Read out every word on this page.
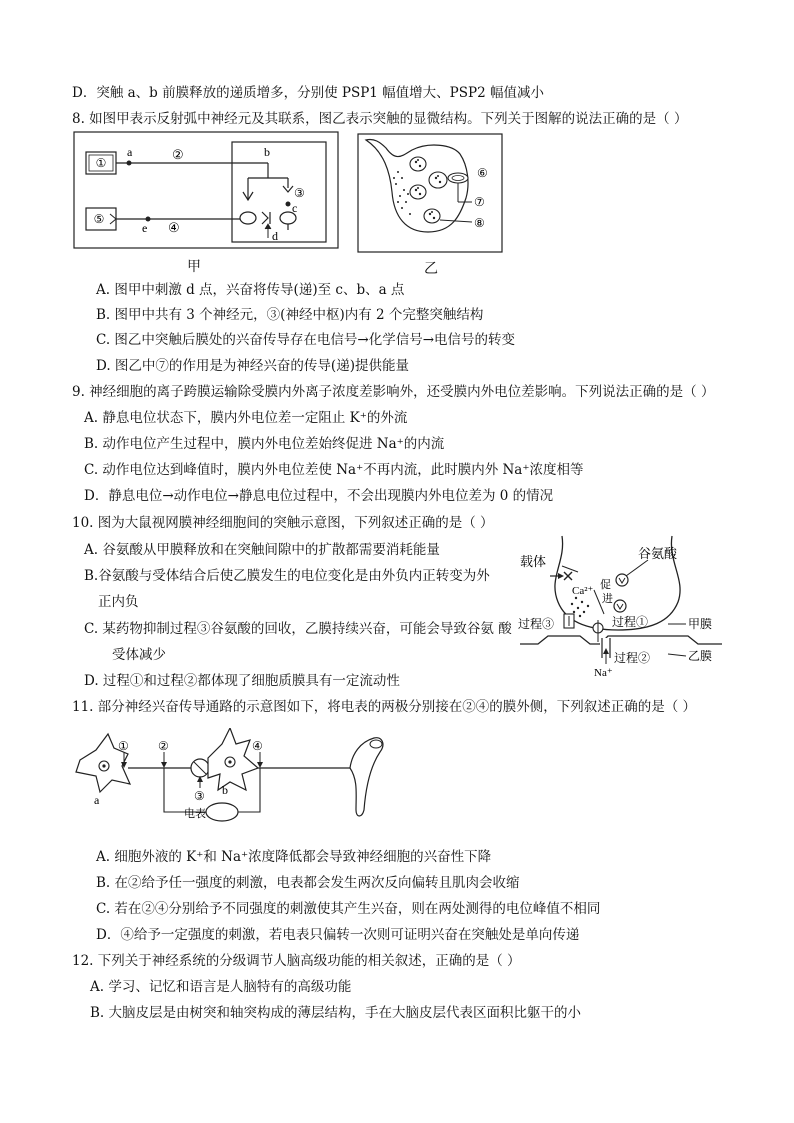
D．突触 a、b 前膜释放的递质增多，分别使 PSP1 幅值增大、PSP2 幅值减小
8. 如图甲表示反射弧中神经元及其联系，图乙表示突触的显微结构。下列关于图解的说法正确的是（ ）
①
a	②	b
③
c
d
⑤
e ④
甲
⑥
⑦
⑧
乙
A. 图甲中刺激 d 点，兴奋将传导(递)至 c、b、a 点
B. 图甲中共有 3 个神经元，③(神经中枢)内有 2 个完整突触结构
C. 图乙中突触后膜处的兴奋传导存在电信号→化学信号→电信号的转变
D. 图乙中⑦的作用是为神经兴奋的传导(递)提供能量
9. 神经细胞的离子跨膜运输除受膜内外离子浓度差影响外，还受膜内外电位差影响。下列说法正确的是（ ）
A. 静息电位状态下，膜内外电位差一定阻止 K⁺的外流
B. 动作电位产生过程中，膜内外电位差始终促进 Na⁺的内流
C. 动作电位达到峰值时，膜内外电位差使 Na⁺不再内流，此时膜内外 Na⁺浓度相等
D．静息电位→动作电位→静息电位过程中，不会出现膜内外电位差为 0 的情况
10. 图为大鼠视网膜神经细胞间的突触示意图，下列叙述正确的是（ ）
A. 谷氨酸从甲膜释放和在突触间隙中的扩散都需要消耗能量
B.谷氨酸与受体结合后使乙膜发生的电位变化是由外负内正转变为外
正内负
C. 某药物抑制过程③谷氨酸的回收，乙膜持续兴奋，可能会导致谷氨 酸
受体减少
D. 过程①和过程②都体现了细胞质膜具有一定流动性
载体
Ca²⁺ 促
进
谷氨酸
过程①	甲膜
过程③
过程②	乙膜
Na⁺
11. 部分神经兴奋传导通路的示意图如下，将电表的两极分别接在②④的膜外侧，下列叙述正确的是（ ）
a
① ②
③ b
④
电表
A. 细胞外液的 K⁺和 Na⁺浓度降低都会导致神经细胞的兴奋性下降
B. 在②给予任一强度的刺激，电表都会发生两次反向偏转且肌肉会收缩
C. 若在②④分别给予不同强度的刺激使其产生兴奋，则在两处测得的电位峰值不相同
D．④给予一定强度的刺激，若电表只偏转一次则可证明兴奋在突触处是单向传递
12. 下列关于神经系统的分级调节人脑高级功能的相关叙述，正确的是（ ）
A. 学习、记忆和语言是人脑特有的高级功能
B. 大脑皮层是由树突和轴突构成的薄层结构，手在大脑皮层代表区面积比躯干的小
